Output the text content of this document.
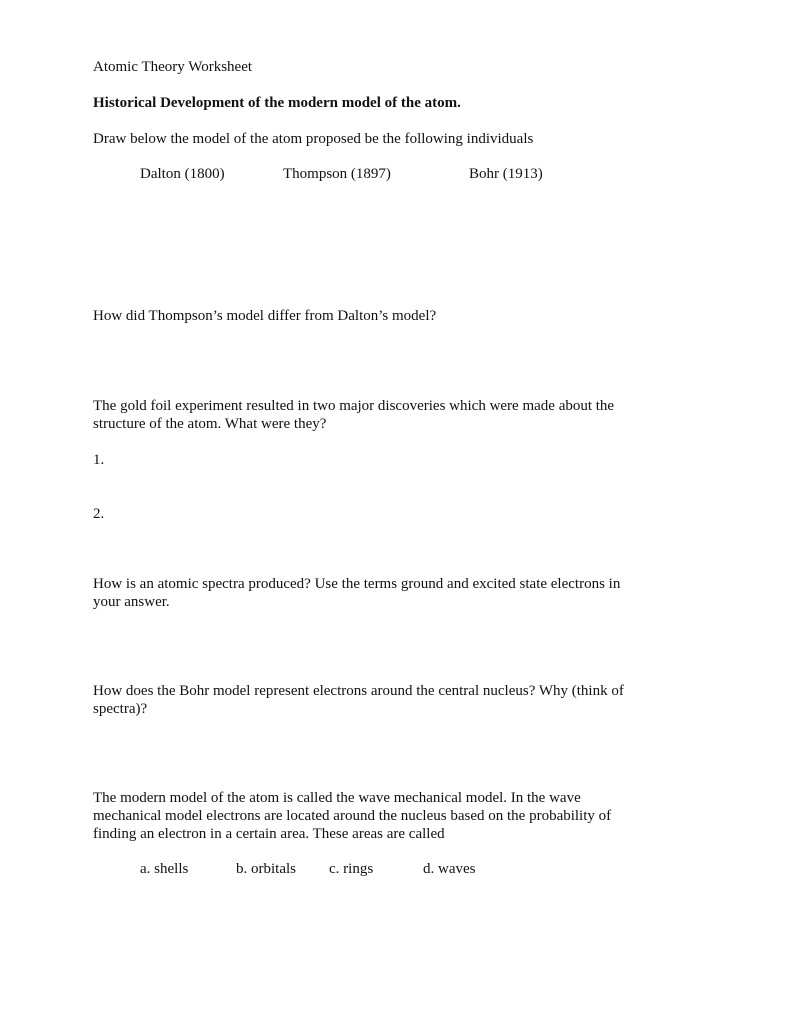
Atomic Theory Worksheet
Historical Development of the modern model of the atom.
Draw below the model of the atom proposed be the following individuals
Dalton (1800)	Thompson (1897)	Bohr (1913)
How did Thompson’s model differ from Dalton’s model?
The gold foil experiment resulted in two major discoveries which were made about the
structure of the atom. What were they?
1.
2.
How is an atomic spectra produced? Use the terms ground and excited state electrons in
your answer.
How does the Bohr model represent electrons around the central nucleus? Why (think of
spectra)?
The modern model of the atom is called the wave mechanical model. In the wave
mechanical model electrons are located around the nucleus based on the probability of
finding an electron in a certain area. These areas are called
a. shells	b. orbitals c. rings	d. waves
